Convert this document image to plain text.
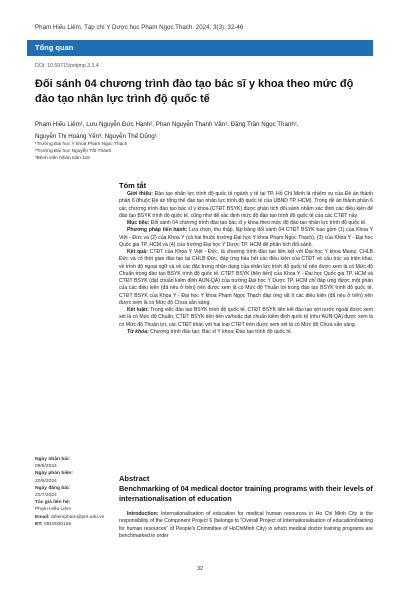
Phạm Hiếu Liêm. Tạp chí Y Dược học Phạm Ngọc Thạch. 2024; 3(3): 32-46
Tổng quan
DOI: 10.59715/pntjmp.3.3.4
Đối sánh 04 chương trình đào tạo bác sĩ y khoa theo mức độ đào tạo nhân lực trình độ quốc tế
Phạm Hiếu Liêm¹, Lưu Nguyễn Đức Hạnh², Phan Nguyễn Thanh Vân¹, Đặng Trần Ngọc Thanh¹,
Nguyễn Thị Hoàng Yến³, Nguyễn Thế Dũng¹
¹Trường Đại học Y khoa Phạm Ngọc Thạch
²Trường Đại học Nguyễn Tất Thành
³Bệnh viện Nhân Dân 115
Tóm tắt

Giới thiệu: Đào tạo nhân lực trình độ quốc tế ngành y tế tại TP. Hồ Chí Minh là nhiệm vụ của Đề án thành phần 6 (thuộc Đề án tổng thể đào tạo nhân lực trình độ quốc tế của UBND TP. HCM). Trong đề án thành phần 6 các chương trình đào tạo bác sĩ y khoa (CTĐT BSYK) được phân tích đối sánh nhằm xác định các điều kiện để đào tạo BSYK trình độ quốc tế, cũng như để xác định mức độ đào tạo trình độ quốc tế của các CTĐT này.

Mục tiêu: Đối sánh 04 chương trình đào tạo bác sĩ y khoa theo mức độ đào tạo nhân lực trình độ quốc tế.

Phương pháp tiến hành: Lựa chọn, thu thập, lập bảng đối sánh 04 CTĐT BSYK bao gồm (1) của Khoa Y Việt - Đức và (2) của Khoa Y (cả hai thuộc trường Đại học Y khoa Phạm Ngọc Thạch), (3) của Khoa Y - Đại học Quốc gia TP. HCM và (4) của trường Đại học Y Dược TP. HCM để phân tích đối sánh.

Kết quả: CTĐT của Khoa Y Việt - Đức, là chương trình đào tạo liên kết với Đại học Y khoa Mainz, CHLB Đức và có thời gian đào tạo tại CHLB Đức, đáp ứng hầu hết các điều kiện của CTĐT về cấu trúc và triển khai, về trình độ ngoại ngữ và về các đặc trưng nhận dạng của nhân lực trình độ quốc tế nên được xem là có Mức độ Chuẩn trong đào tạo BSYK trình độ quốc tế. CTĐT BSYK (tiên tiến) của Khoa Y - Đại học Quốc gia TP. HCM và CTĐT BSYK (đạt chuẩn kiểm định AUN-QA) của trường Đại học Y Dược TP. HCM chỉ đáp ứng được một phần của các điều kiện (đã nêu ở trên) nên được xem là có Mức độ Thuận lợi trong đào tạo BSYK trình độ quốc tế. CTĐT BSYK của Khoa Y - Đại học Y khoa Phạm Ngọc Thạch đáp ứng rất ít các điều kiện (đã nêu ở trên) nên được xem là có Mức độ Chưa sẵn sàng.

Kết luận: Trong việc đào tạo BSYK trình độ quốc tế, CTĐT BSYK liên kết đào tạo với nước ngoài được xem xét là có Mức độ Chuẩn, CTĐT BSYK tiên tiến và/hoặc đạt chuẩn kiểm định quốc tế (như AUN-QA) được xem là có Mức độ Thuận lợi, các CTĐT khác với hai loại CTĐT trên được xem xét là có Mức độ Chưa sẵn sàng.

Từ khóa: Chương trình đào tạo; Bác sĩ Y khoa; Đào tạo trình độ quốc tế.

Ngày nhận bài:
09/5/2024
Ngày phản biện:
20/6/2024
Ngày đăng bài:
20/7/2024
Tác giả liên hệ:
Phạm Hiếu Liêm
Email: drliempham@pnt.edu.vn
ĐT: 0918000155
Abstract
Benchmarking of 04 medical doctor training programs with their levels of internationalisation of education

Introduction: Internationalisation of education for medical human resources in Ho Chi Minh City is the responsibility of the Component Project 6 (belongs to "Overall Project of Internationalisation of education/training for human resources" of People's Committee of HoChiMinh City) in which medical doctor training programs are benchmarked in order

32
